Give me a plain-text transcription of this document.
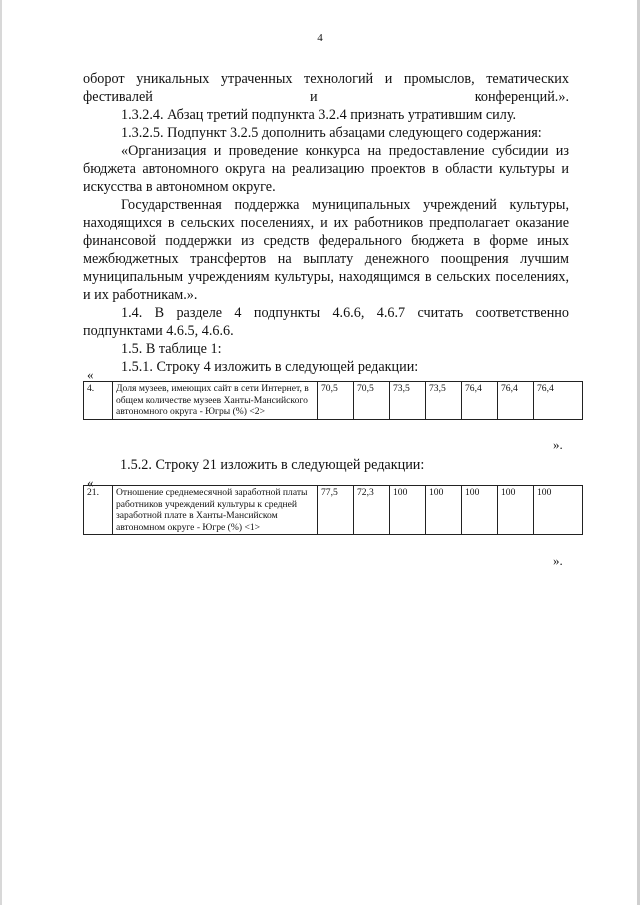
4

оборот уникальных утраченных технологий и промыслов, тематических фестивалей и конференций.».

1.3.2.4. Абзац третий подпункта 3.2.4 признать утратившим силу.

1.3.2.5. Подпункт 3.2.5 дополнить абзацами следующего содержания:

«Организация и проведение конкурса на предоставление субсидии из бюджета автономного округа на реализацию проектов в области культуры и искусства в автономном округе.

Государственная поддержка муниципальных учреждений культуры, находящихся в сельских поселениях, и их работников предполагает оказание финансовой поддержки из средств федерального бюджета в форме иных межбюджетных трансфертов на выплату денежного поощрения лучшим муниципальным учреждениям культуры, находящимся в сельских поселениях, и их работникам.».

1.4. В разделе 4 подпункты 4.6.6, 4.6.7 считать соответственно подпунктами 4.6.5, 4.6.6.

1.5. В таблице 1:

1.5.1. Строку 4 изложить в следующей редакции:

«
4.	Доля музеев, имеющих сайт в сети Интернет, в общем количестве музеев Ханты-Мансийского автономного округа - Югры (%) <2>	70,5	70,5	73,5	73,5	76,4	76,4	76,4
».
1.5.2. Строку 21 изложить в следующей редакции:
«
21.	Отношение среднемесячной заработной платы работников учреждений культуры к средней заработной плате в Ханты-Мансийском автономном округе - Югре (%) <1>	77,5	72,3	100	100	100	100	100
».
